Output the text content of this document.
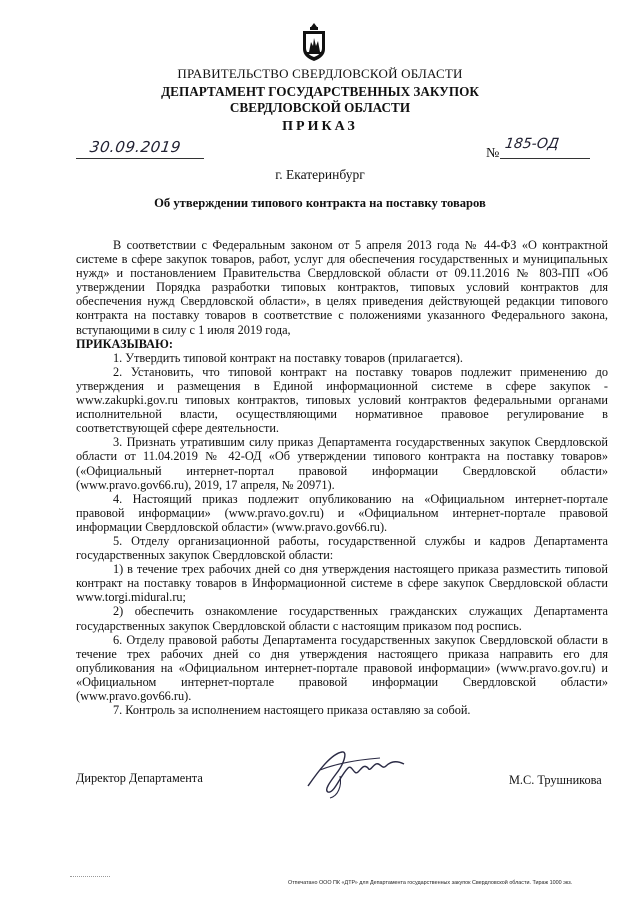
ПРАВИТЕЛЬСТВО СВЕРДЛОВСКОЙ ОБЛАСТИ
ДЕПАРТАМЕНТ ГОСУДАРСТВЕННЫХ ЗАКУПОК
СВЕРДЛОВСКОЙ ОБЛАСТИ
ПРИКАЗ
30.09.2019	№
185-ОД
г. Екатеринбург
Об утверждении типового контракта на поставку товаров

В соответствии с Федеральным законом от 5 апреля 2013 года № 44-ФЗ «О контрактной системе в сфере закупок товаров, работ, услуг для обеспечения государственных и муниципальных нужд» и постановлением Правительства Свердловской области от 09.11.2016 № 803-ПП «Об утверждении Порядка разработки типовых контрактов, типовых условий контрактов для обеспечения нужд Свердловской области», в целях приведения действующей редакции типового контракта на поставку товаров в соответствие с положениями указанного Федерального закона, вступающими в силу с 1 июля 2019 года,

ПРИКАЗЫВАЮ:

1. Утвердить типовой контракт на поставку товаров (прилагается).

2. Установить, что типовой контракт на поставку товаров подлежит применению до утверждения и размещения в Единой информационной системе в сфере закупок - www.zakupki.gov.ru типовых контрактов, типовых условий контрактов федеральными органами исполнительной власти, осуществляющими нормативное правовое регулирование в соответствующей сфере деятельности.

3. Признать утратившим силу приказ Департамента государственных закупок Свердловской области от 11.04.2019 № 42-ОД «Об утверждении типового контракта на поставку товаров» («Официальный интернет-портал правовой информации Свердловской области» (www.pravo.gov66.ru), 2019, 17 апреля, № 20971).

4. Настоящий приказ подлежит опубликованию на «Официальном интернет-портале правовой информации» (www.pravo.gov.ru) и «Официальном интернет-портале правовой информации Свердловской области» (www.pravo.gov66.ru).

5. Отделу организационной работы, государственной службы и кадров Департамента государственных закупок Свердловской области:

1) в течение трех рабочих дней со дня утверждения настоящего приказа разместить типовой контракт на поставку товаров в Информационной системе в сфере закупок Свердловской области www.torgi.midural.ru;

2) обеспечить ознакомление государственных гражданских служащих Департамента государственных закупок Свердловской области с настоящим приказом под роспись.

6. Отделу правовой работы Департамента государственных закупок Свердловской области в течение трех рабочих дней со дня утверждения настоящего приказа направить его для опубликования на «Официальном интернет-портале правовой информации» (www.pravo.gov.ru) и «Официальном интернет-портале правовой информации Свердловской области» (www.pravo.gov66.ru).

7. Контроль за исполнением настоящего приказа оставляю за собой.

Директор Департамента	М.С. Трушникова
Отпечатано ООО ПК «ДТР» для Департамента государственных закупок Свердловской области. Тираж 1000 экз.
